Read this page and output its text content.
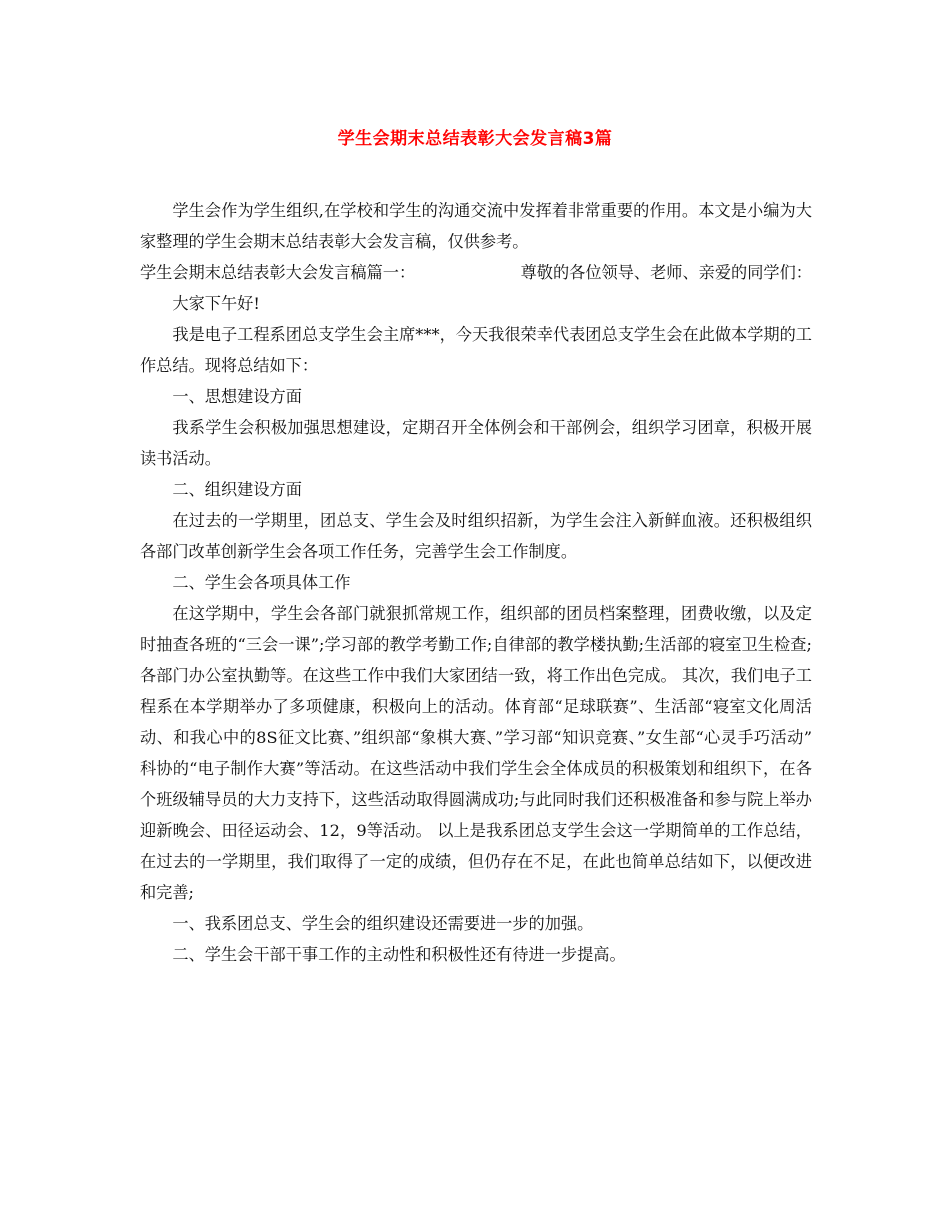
学生会期末总结表彰大会发言稿3篇

学生会作为学生组织,在学校和学生的沟通交流中发挥着非常重要的作用。本文是小编为大家整理的学生会期末总结表彰大会发言稿，仅供参考。

学生会期末总结表彰大会发言稿篇一：	尊敬的各位领导、老师、亲爱的同学们：

大家下午好!

我是电子工程系团总支学生会主席***，今天我很荣幸代表团总支学生会在此做本学期的工作总结。现将总结如下：

一、思想建设方面

我系学生会积极加强思想建设，定期召开全体例会和干部例会，组织学习团章，积极开展读书活动。

二、组织建设方面

在过去的一学期里，团总支、学生会及时组织招新，为学生会注入新鲜血液。还积极组织各部门改革创新学生会各项工作任务，完善学生会工作制度。

二、学生会各项具体工作

在这学期中，学生会各部门就狠抓常规工作，组织部的团员档案整理，团费收缴，以及定时抽查各班的“三会一课”;学习部的教学考勤工作;自律部的教学楼执勤;生活部的寝室卫生检查;各部门办公室执勤等。在这些工作中我们大家团结一致，将工作出色完成。 其次，我们电子工程系在本学期举办了多项健康，积极向上的活动。体育部“足球联赛”、生活部“寝室文化周活动、和我心中的8S征文比赛、”组织部“象棋大赛、”学习部“知识竞赛、”女生部“心灵手巧活动” 科协的“电子制作大赛”等活动。在这些活动中我们学生会全体成员的积极策划和组织下，在各个班级辅导员的大力支持下，这些活动取得圆满成功;与此同时我们还积极准备和参与院上举办迎新晚会、田径运动会、12，9等活动。 以上是我系团总支学生会这一学期简单的工作总结，在过去的一学期里，我们取得了一定的成绩，但仍存在不足，在此也简单总结如下，以便改进和完善;

一、我系团总支、学生会的组织建设还需要进一步的加强。

二、学生会干部干事工作的主动性和积极性还有待进一步提高。
